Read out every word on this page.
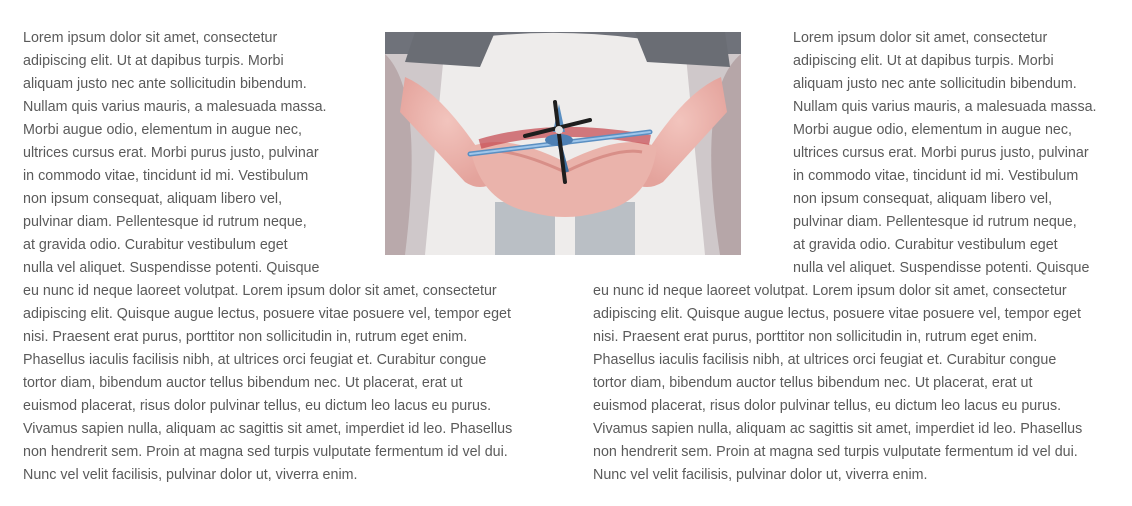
Lorem ipsum dolor sit amet, consectetur
adipiscing elit. Ut at dapibus turpis. Morbi
aliquam justo nec ante sollicitudin bibendum.
Nullam quis varius mauris, a malesuada massa.
Morbi augue odio, elementum in augue nec,
ultrices cursus erat. Morbi purus justo, pulvinar
in commodo vitae, tincidunt id mi. Vestibulum
non ipsum consequat, aliquam libero vel,
pulvinar diam. Pellentesque id rutrum neque,
at gravida odio. Curabitur vestibulum eget
nulla vel aliquet. Suspendisse potenti. Quisque
eu nunc id neque laoreet volutpat. Lorem ipsum dolor sit amet, consectetur
adipiscing elit. Quisque augue lectus, posuere vitae posuere vel, tempor eget
nisi. Praesent erat purus, porttitor non sollicitudin in, rutrum eget enim.
Phasellus iaculis facilisis nibh, at ultrices orci feugiat et. Curabitur congue
tortor diam, bibendum auctor tellus bibendum nec. Ut placerat, erat ut
euismod placerat, risus dolor pulvinar tellus, eu dictum leo lacus eu purus.
Vivamus sapien nulla, aliquam ac sagittis sit amet, imperdiet id leo. Phasellus
non hendrerit sem. Proin at magna sed turpis vulputate fermentum id vel dui.
Nunc vel velit facilisis, pulvinar dolor ut, viverra enim.
Lorem ipsum dolor sit amet, consectetur
adipiscing elit. Ut at dapibus turpis. Morbi
aliquam justo nec ante sollicitudin bibendum.
Nullam quis varius mauris, a malesuada massa.
Morbi augue odio, elementum in augue nec,
ultrices cursus erat. Morbi purus justo, pulvinar
in commodo vitae, tincidunt id mi. Vestibulum
non ipsum consequat, aliquam libero vel,
pulvinar diam. Pellentesque id rutrum neque,
at gravida odio. Curabitur vestibulum eget
nulla vel aliquet. Suspendisse potenti. Quisque
eu nunc id neque laoreet volutpat. Lorem ipsum dolor sit amet, consectetur
adipiscing elit. Quisque augue lectus, posuere vitae posuere vel, tempor eget
nisi. Praesent erat purus, porttitor non sollicitudin in, rutrum eget enim.
Phasellus iaculis facilisis nibh, at ultrices orci feugiat et. Curabitur congue
tortor diam, bibendum auctor tellus bibendum nec. Ut placerat, erat ut
euismod placerat, risus dolor pulvinar tellus, eu dictum leo lacus eu purus.
Vivamus sapien nulla, aliquam ac sagittis sit amet, imperdiet id leo. Phasellus
non hendrerit sem. Proin at magna sed turpis vulputate fermentum id vel dui.
Nunc vel velit facilisis, pulvinar dolor ut, viverra enim.
